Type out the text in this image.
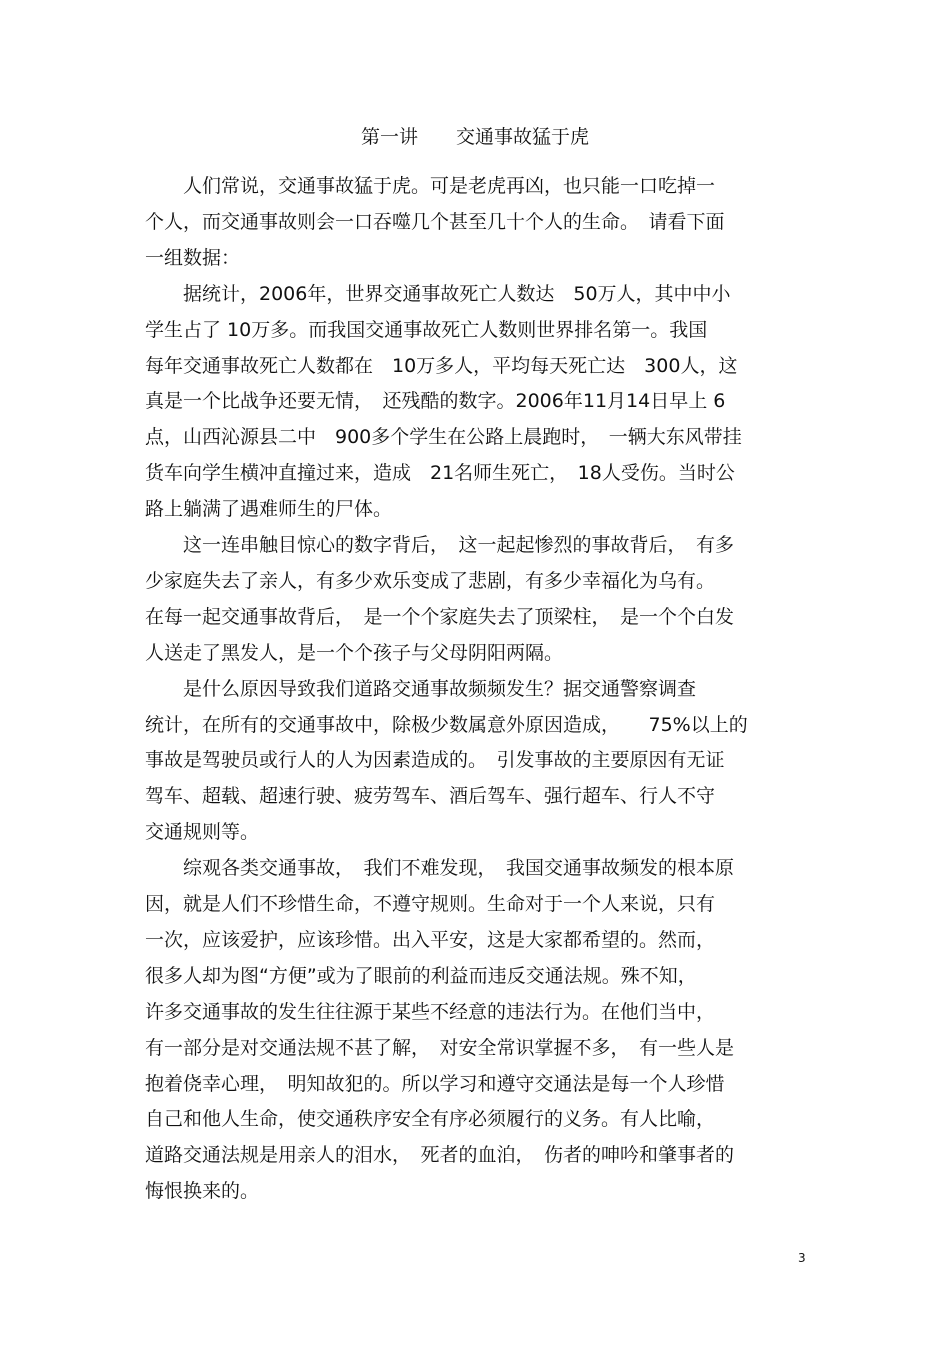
第一讲　　交通事故猛于虎
　　人们常说，交通事故猛于虎。可是老虎再凶，也只能一口吃掉一
个人，而交通事故则会一口吞噬几个甚至几十个人的生命。　请看下面
一组数据：
　　据统计，2006年，世界交通事故死亡人数达　50万人，其中中小
学生占了 10万多。而我国交通事故死亡人数则世界排名第一。我国
每年交通事故死亡人数都在　10万多人，平均每天死亡达　300人，这
真是一个比战争还要无情，　还残酷的数字。2006年11月14日早上 6
点，山西沁源县二中　900多个学生在公路上晨跑时，　一辆大东风带挂
货车向学生横冲直撞过来，造成　21名师生死亡，　18人受伤。当时公
路上躺满了遇难师生的尸体。
　　这一连串触目惊心的数字背后，　这一起起惨烈的事故背后，　有多
少家庭失去了亲人，有多少欢乐变成了悲剧，有多少幸福化为乌有。
在每一起交通事故背后，　是一个个家庭失去了顶梁柱，　是一个个白发
人送走了黑发人，是一个个孩子与父母阴阳两隔。
　　是什么原因导致我们道路交通事故频频发生？据交通警察调查
统计，在所有的交通事故中，除极少数属意外原因造成，　　75%以上的
事故是驾驶员或行人的人为因素造成的。　引发事故的主要原因有无证
驾车、超载、超速行驶、疲劳驾车、酒后驾车、强行超车、行人不守
交通规则等。
　　综观各类交通事故，　我们不难发现，　我国交通事故频发的根本原
因，就是人们不珍惜生命，不遵守规则。生命对于一个人来说，只有
一次，应该爱护，应该珍惜。出入平安，这是大家都希望的。然而，
很多人却为图“方便”或为了眼前的利益而违反交通法规。殊不知，
许多交通事故的发生往往源于某些不经意的违法行为。在他们当中，
有一部分是对交通法规不甚了解，　对安全常识掌握不多，　有一些人是
抱着侥幸心理，　明知故犯的。所以学习和遵守交通法是每一个人珍惜
自己和他人生命，使交通秩序安全有序必须履行的义务。有人比喻，
道路交通法规是用亲人的泪水，　死者的血泊，　伤者的呻吟和肇事者的
悔恨换来的。
3
